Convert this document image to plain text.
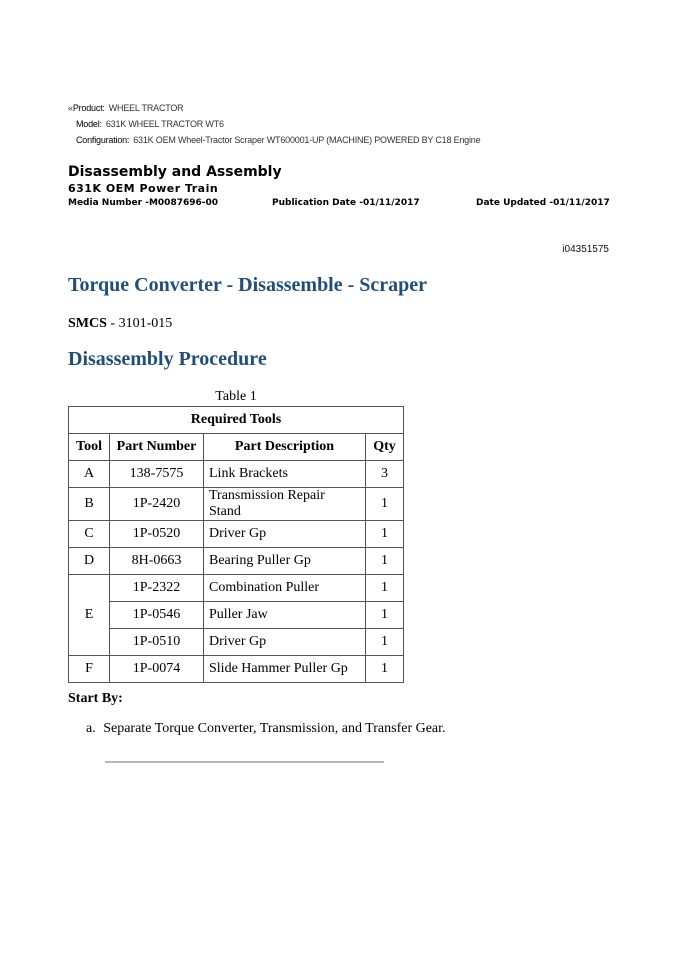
«Product: WHEEL TRACTOR
Model: 631K WHEEL TRACTOR WT6
Configuration: 631K OEM Wheel-Tractor Scraper WT600001-UP (MACHINE) POWERED BY C18 Engine
Disassembly and Assembly
631K OEM Power Train
Media Number -M0087696-00	Publication Date -01/11/2017	Date Updated -01/11/2017
i04351575
Torque Converter - Disassemble - Scraper
SMCS - 3101-015
Disassembly Procedure
Table 1
Required Tools			
Tool	Part Number	Part Description	Qty
A	138-7575	Link Brackets	3
B	1P-2420	Transmission Repair Stand	1
C	1P-0520	Driver Gp	1
D	8H-0663	Bearing Puller Gp	1
E	1P-2322	Combination Puller	1
	1P-0546	Puller Jaw	1
	1P-0510	Driver Gp	1
F	1P-0074	Slide Hammer Puller Gp	1
Start By:
a. Separate Torque Converter, Transmission, and Transfer Gear.
